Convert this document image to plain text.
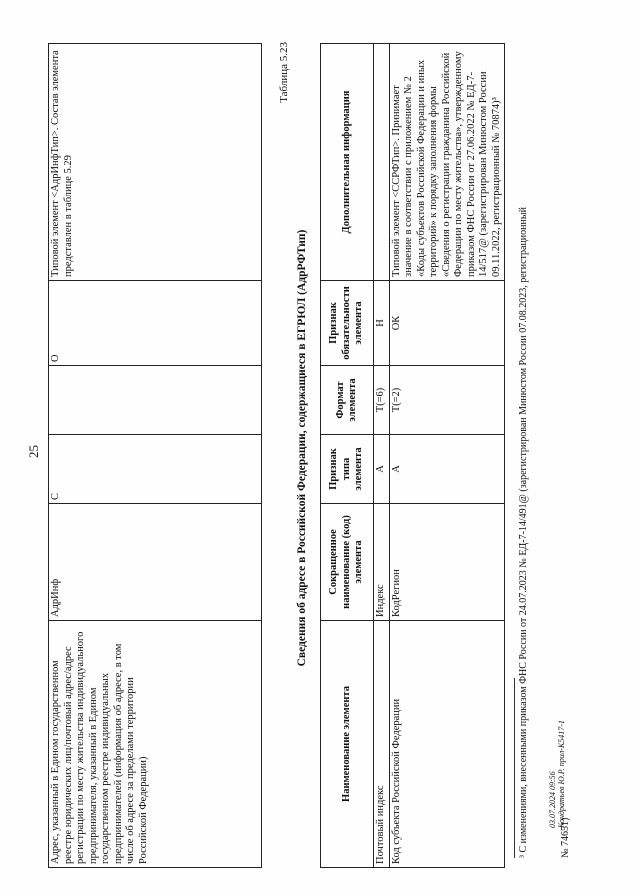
25
Адрес, указанный в Едином государственном реестре юридических лиц/почтовый адрес/адрес регистрации по месту жительства индивидуального предпринимателя, указанный в Едином государственном реестре индивидуальных предпринимателей (информация об адресе, в том числе об адресе за пределами территории Российской Федерации)	АдрИнф	С		О	Типовой элемент <АдрИнфТип>. Состав элемента представлен в таблице 5.29
Таблица 5.23
Сведения об адресе в Российской Федерации, содержащиеся в ЕГРЮЛ (АдрРФТип)
Наименование элемента	Сокращенное наименование (код) элемента	Признак типа элемента	Формат элемента	Признак обязательности элемента	Дополнительная информация
Почтовый индекс	Индекс	А	T(=6)	Н	
Код субъекта Российской Федерации	КодРегион	А	T(=2)	ОК	Типовой элемент <ССРФТип>. Принимает значение в соответствии с приложением № 2 «Коды субъектов Российской Федерации и иных территорий» к порядку заполнения формы «Сведения о регистрации гражданина Российской Федерации по месту жительства», утвержденному приказом ФНС России от 27.06.2022 № ЕД-7-14/517@ (зарегистрирован Минюстом России 09.11.2022, регистрационный № 70874)³
³ С изменениями, внесенными приказом ФНС России от 24.07.2023 № ЕД-7-14/491@ (зарегистрирован Минюстом России 07.08.2023, регистрационный	№ 74651)
03.07.2024 09:56 Кондратьев Ю.Р. прил-К5417-1
